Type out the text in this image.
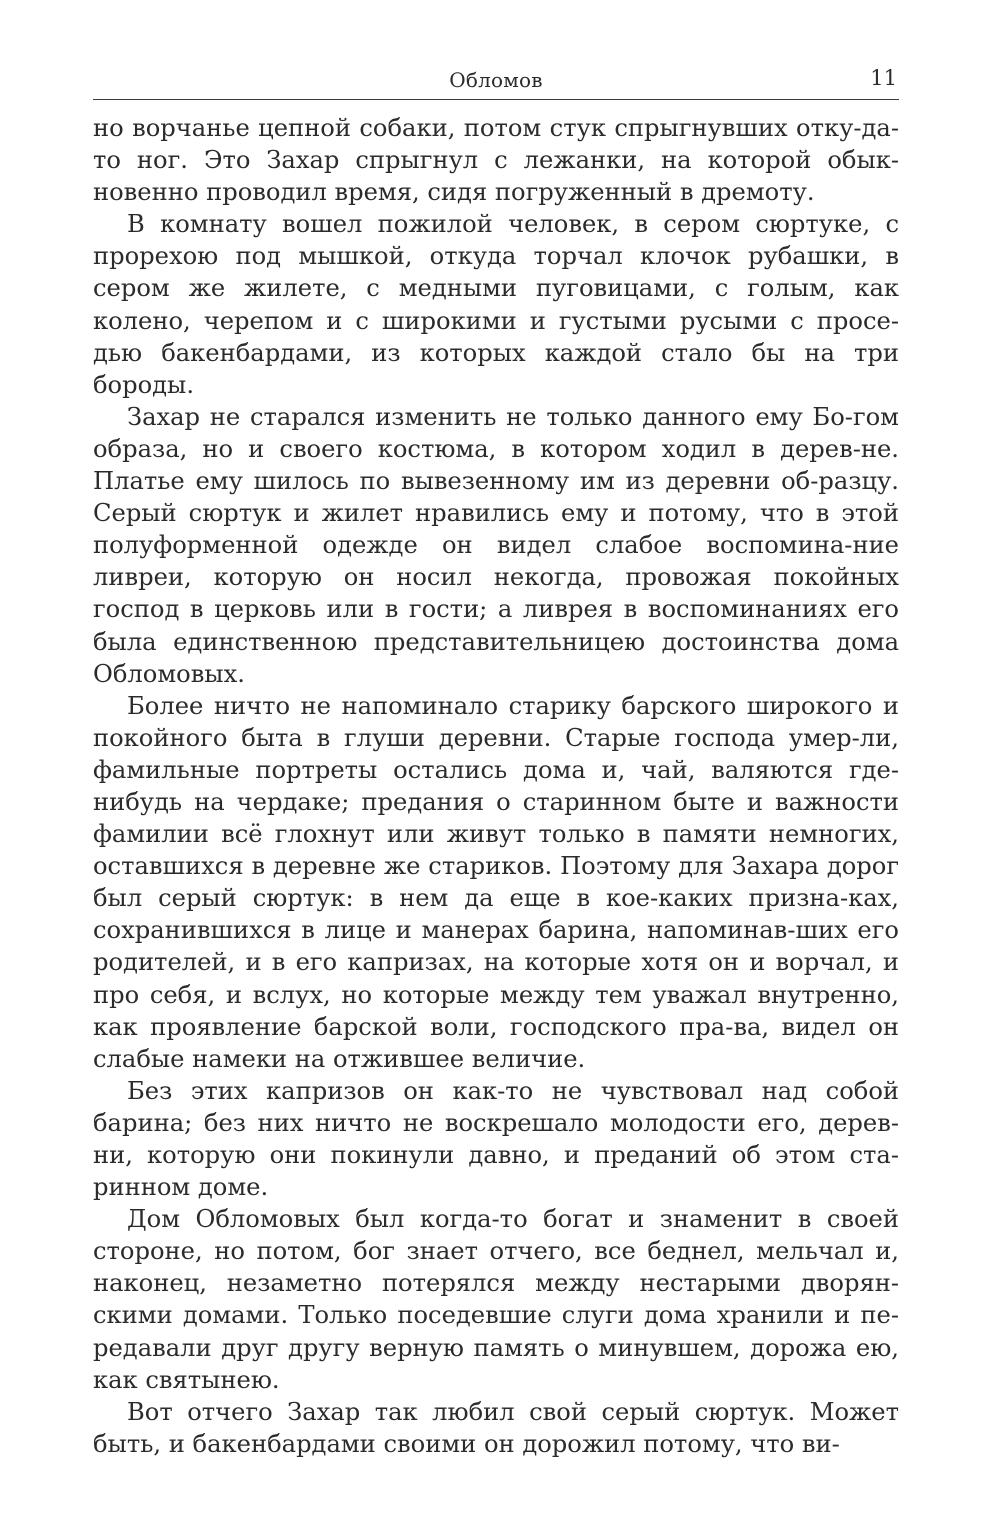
Обломов	11

но ворчанье цепной собаки, потом стук спрыгнувших отку-да-то ног. Это Захар спрыгнул с лежанки, на которой обык-новенно проводил время, сидя погруженный в дремоту.

В комнату вошел пожилой человек, в сером сюртуке, с прорехою под мышкой, откуда торчал клочок рубашки, в сером же жилете, с медными пуговицами, с голым, как колено, черепом и с широкими и густыми русыми с просе-дью бакенбардами, из которых каждой стало бы на три бороды.

Захар не старался изменить не только данного ему Бо-гом образа, но и своего костюма, в котором ходил в дерев-не. Платье ему шилось по вывезенному им из деревни об-разцу. Серый сюртук и жилет нравились ему и потому, что в этой полуформенной одежде он видел слабое воспомина-ние ливреи, которую он носил некогда, провожая покойных господ в церковь или в гости; а ливрея в воспоминаниях его была единственною представительницею достоинства дома Обломовых.

Более ничто не напоминало старику барского широкого и покойного быта в глуши деревни. Старые господа умер-ли, фамильные портреты остались дома и, чай, валяются где-нибудь на чердаке; предания о старинном быте и важности фамилии всё глохнут или живут только в памяти немногих, оставшихся в деревне же стариков. Поэтому для Захара дорог был серый сюртук: в нем да еще в кое-каких призна-ках, сохранившихся в лице и манерах барина, напоминав-ших его родителей, и в его капризах, на которые хотя он и ворчал, и про себя, и вслух, но которые между тем уважал внутренно, как проявление барской воли, господского пра-ва, видел он слабые намеки на отжившее величие.

Без этих капризов он как-то не чувствовал над собой барина; без них ничто не воскрешало молодости его, дерев-ни, которую они покинули давно, и преданий об этом ста-ринном доме.

Дом Обломовых был когда-то богат и знаменит в своей стороне, но потом, бог знает отчего, все беднел, мельчал и, наконец, незаметно потерялся между нестарыми дворян-скими домами. Только поседевшие слуги дома хранили и пе-редавали друг другу верную память о минувшем, дорожа ею, как святынею.

Вот отчего Захар так любил свой серый сюртук. Может быть, и бакенбардами своими он дорожил потому, что ви-
